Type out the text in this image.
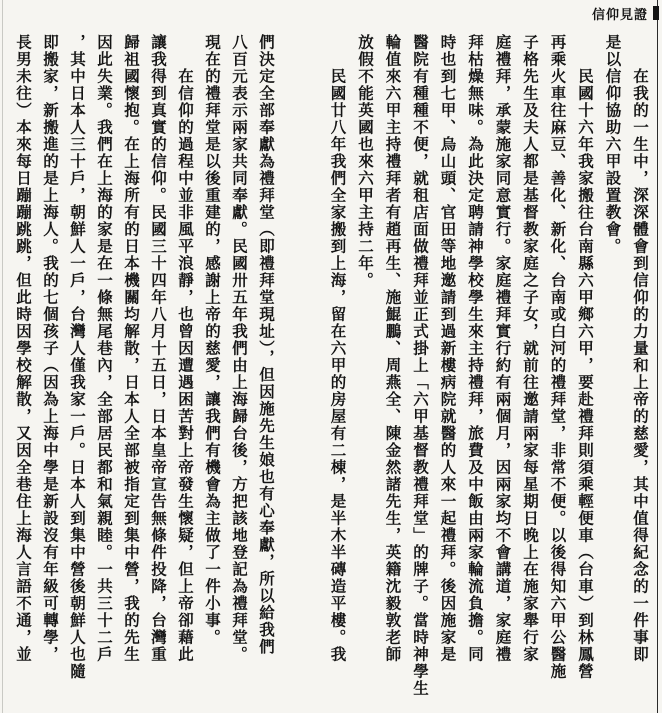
信仰見證
在我的一生中，深深體會到信仰的力量和上帝的慈愛，其中值得紀念的一件事即
是以信仰協助六甲設置教會。
民國十六年我家搬往台南縣六甲鄉六甲，要赴禮拜則須乘輕便車（台車）到林鳳營
再乘火車往麻豆、善化、新化、台南或白河的禮拜堂，非常不便。以後得知六甲公醫施
子格先生及夫人都是基督教家庭之子女，就前往邀請兩家每星期日晚上在施家舉行家
庭禮拜，承蒙施家同意實行。家庭禮拜實行約有兩個月，因兩家均不會講道，家庭禮
拜枯燥無味。為此決定聘請神學校學生來主持禮拜，旅費及中飯由兩家輪流負擔。同
時也到七甲、烏山頭、官田等地邀請到過新樓病院就醫的人來一起禮拜。後因施家是
醫院有種種不便，就租店面做禮拜並正式掛上「六甲基督教禮拜堂」的牌子。當時神學生
輪值來六甲主持禮拜者有趙再生、施鯤鵬、周燕全、陳金然諸先生，英籍沈毅敦老師
放假不能英國也來六甲主持二年。
民國廿八年我們全家搬到上海，留在六甲的房屋有二棟，是半木半磚造平樓。我
們決定全部奉獻為禮拜堂（即禮拜堂現址），但因施先生娘也有心奉獻，所以給我們
八百元表示兩家共同奉獻。民國卅五年我們由上海歸台後，方把該地登記為禮拜堂。
現在的禮拜堂是以後重建的，感謝上帝的慈愛，讓我們有機會為主做了一件小事。
在信仰的過程中並非風平浪靜，也曾因遭遇困苦對上帝發生懷疑，但上帝卻藉此
讓我得到真實的信仰。民國三十四年八月十五日，日本皇帝宣告無條件投降，台灣重
歸祖國懷抱。在上海所有的日本機關均解散，日本人全部被指定到集中營，我的先生
因此失業。我們在上海的家是在一條無尾巷內，全部居民都和氣親睦。一共三十二戶
，其中日本人三十戶，朝鮮人一戶，台灣人僅我家一戶。日本人到集中營後朝鮮人也隨
即搬家，新搬進的是上海人。我的七個孩子（因為上海中學是新設沒有年級可轉學，
長男未往）本來每日蹦蹦跳跳，但此時因學校解散，又因全巷住上海人言語不通，並
